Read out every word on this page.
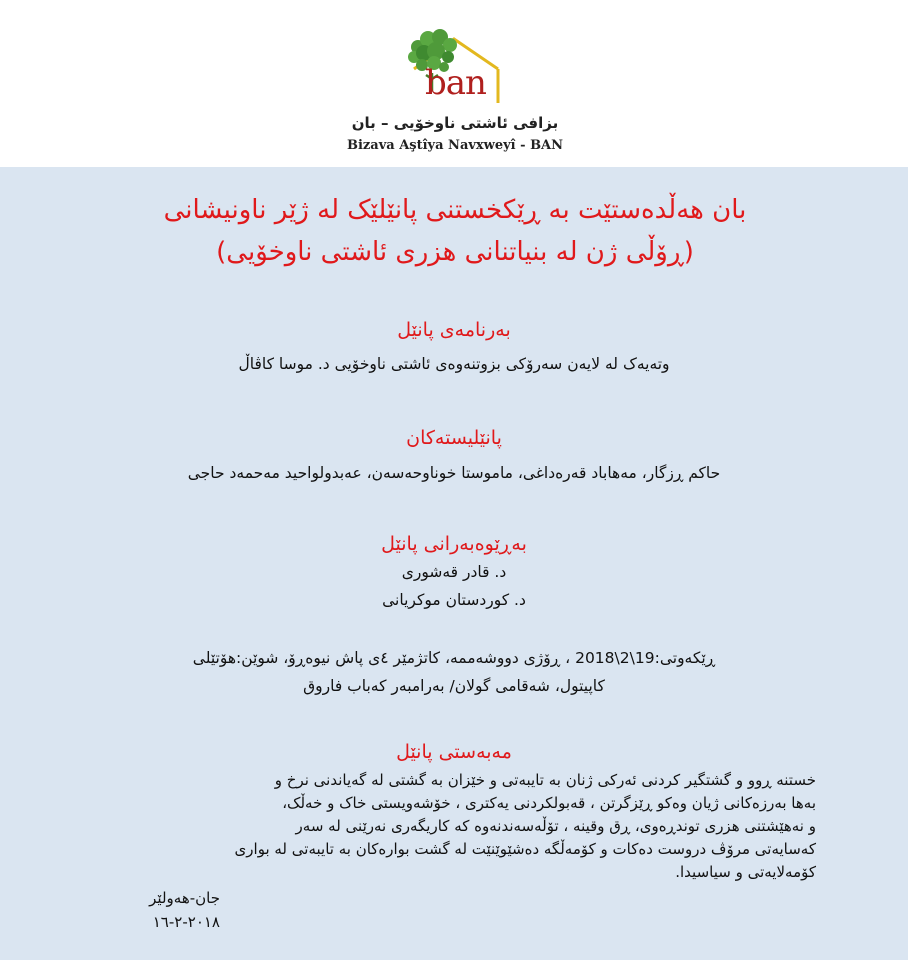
ban
بزافی ئاشتی ناوخۆیی – بان
Bizava Aştîya Navxweyî - BAN
بان هەڵدەستێت بە ڕێکخستنی پانێلێک لە ژێر ناونیشانی
(ڕۆڵی ژن لە بنیاتنانی هزری ئاشتی ناوخۆیی)
بەرنامەی پانێل
وتەیەک لە لایەن سەرۆکی بزوتنەوەی ئاشتی ناوخۆیی د. موسا کاڤاڵ
پانێلیستەکان
حاکم ڕزگار، مەهاباد قەرەداغی، ماموستا خوناوحەسەن، عەبدولواحید مەحمەد حاجی
بەڕێوەبەرانی پانێل
د. قادر قەشوری
د. کوردستان موکریانی
ڕێکەوتی:19\2\2018 ، ڕۆژی دووشەممە، کاتژمێر ٤ی پاش نیوەڕۆ، شوێن:هۆتێلی
کاپیتول، شەقامی گولان/ بەرامبەر کەباب فاروق
مەبەستی پانێل
خستنە ڕوو و گشتگیر کردنی ئەرکی ژنان بە تایبەتی و خێزان بە گشتی لە گەیاندنی نرخ و
بەها بەرزەکانی ژیان وەکو ڕێزگرتن ، قەبولکردنی یەکتری ، خۆشەویستی خاک و خەڵک،
و نەهێشتنی هزری توندڕەوی، ڕق وقینە ، تۆڵەسەندنەوە کە کاریگەری نەرێنی لە سەر
کەسایەتی مرۆڤ دروست دەکات و کۆمەڵگە دەشێوێنێت لە گشت بوارەکان بە تایبەتی لە بواری
کۆمەلایەتی و سیاسیدا.
جان-هەولێر
٢٠١٨-٢-١٦
